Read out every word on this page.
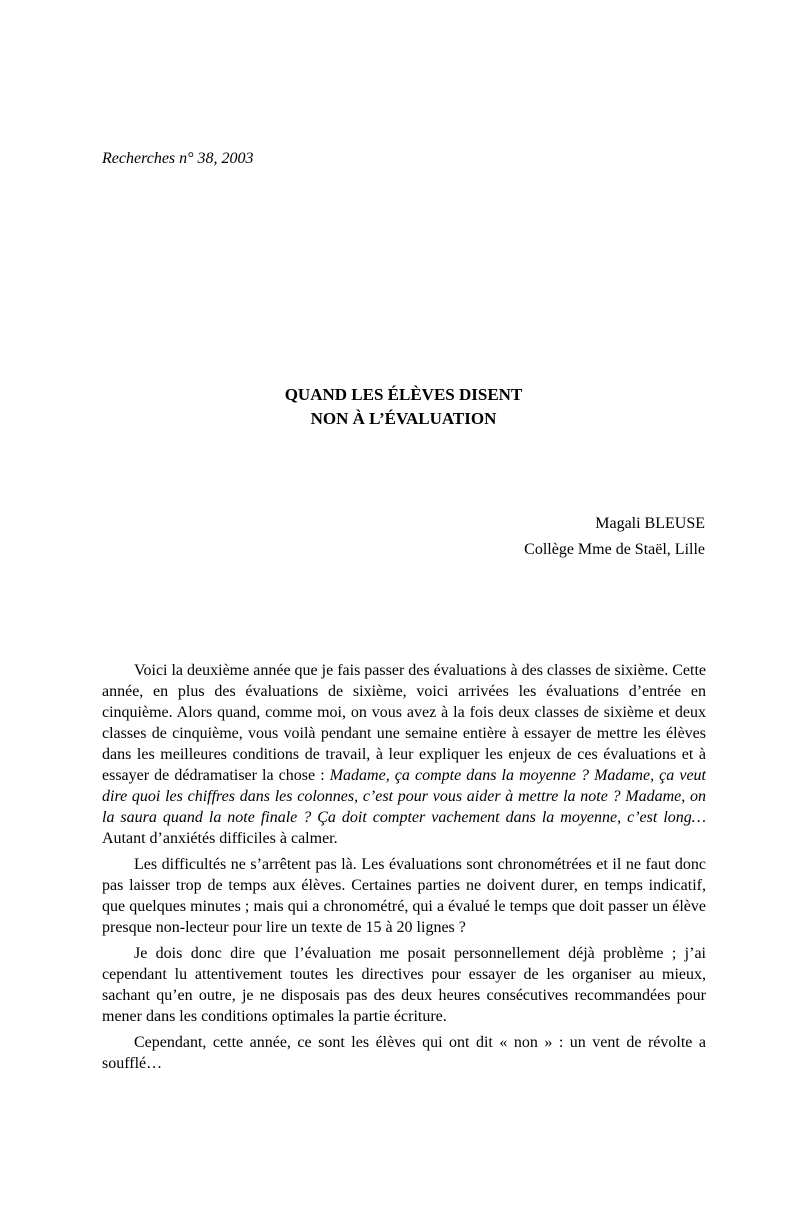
Recherches n° 38, 2003
QUAND LES ÉLÈVES DISENT
NON À L’ÉVALUATION
Magali BLEUSE
Collège Mme de Staël, Lille

Voici la deuxième année que je fais passer des évaluations à des classes de sixième. Cette année, en plus des évaluations de sixième, voici arrivées les évaluations d’entrée en cinquième. Alors quand, comme moi, on vous avez à la fois deux classes de sixième et deux classes de cinquième, vous voilà pendant une semaine entière à essayer de mettre les élèves dans les meilleures conditions de travail, à leur expliquer les enjeux de ces évaluations et à essayer de dédramatiser la chose : Madame, ça compte dans la moyenne ? Madame, ça veut dire quoi les chiffres dans les colonnes, c’est pour vous aider à mettre la note ? Madame, on la saura quand la note finale ? Ça doit compter vachement dans la moyenne, c’est long… Autant d’anxiétés difficiles à calmer.

Les difficultés ne s’arrêtent pas là. Les évaluations sont chronométrées et il ne faut donc pas laisser trop de temps aux élèves. Certaines parties ne doivent durer, en temps indicatif, que quelques minutes ; mais qui a chronométré, qui a évalué le temps que doit passer un élève presque non-lecteur pour lire un texte de 15 à 20 lignes ?

Je dois donc dire que l’évaluation me posait personnellement déjà problème ; j’ai cependant lu attentivement toutes les directives pour essayer de les organiser au mieux, sachant qu’en outre, je ne disposais pas des deux heures consécutives recommandées pour mener dans les conditions optimales la partie écriture.

Cependant, cette année, ce sont les élèves qui ont dit « non » : un vent de révolte a soufflé…
